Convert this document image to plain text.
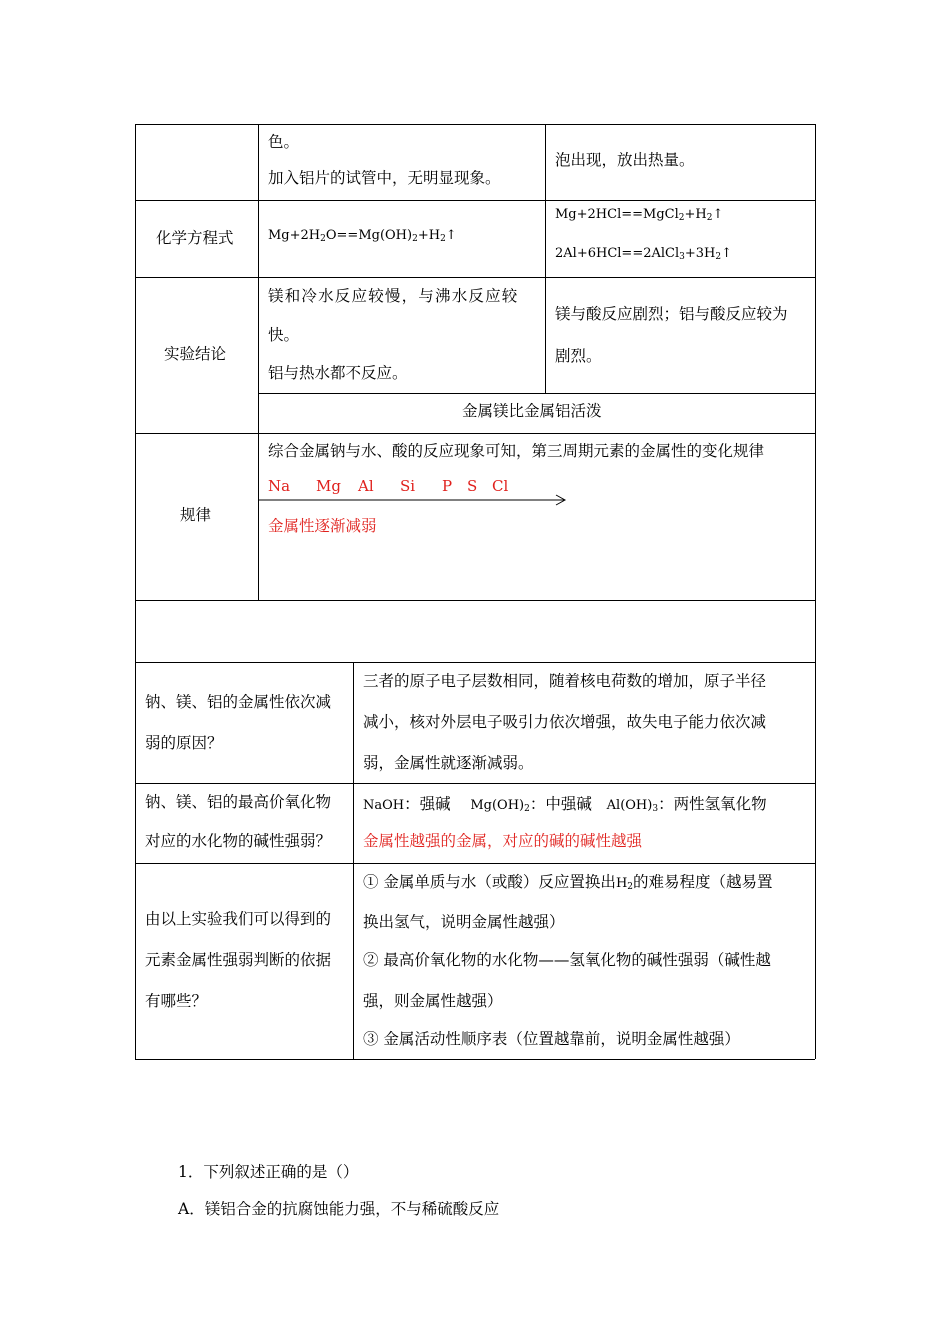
色。
加入铝片的试管中，无明显现象。
泡出现，放出热量。
化学方程式	$Mg+2H_2O==Mg(OH)_2+H_2↑$
$Mg+2HCl==MgCl_2+H_2↑$
$2Al+6HCl==2AlCl_3+3H_2↑$
实验结论
镁和冷水反应较慢，与沸水反应较
快。
铝与热水都不反应。
镁与酸反应剧烈；铝与酸反应较为
剧烈。
金属镁比金属铝活泼
规律
综合金属钠与水、酸的反应现象可知，第三周期元素的金属性的变化规律
Na Mg Al Si P S Cl
金属性逐渐减弱
钠、镁、铝的金属性依次减
弱的原因？
三者的原子电子层数相同，随着核电荷数的增加，原子半径
减小，核对外层电子吸引力依次增强，故失电子能力依次减
弱，金属性就逐渐减弱。
钠、镁、铝的最高价氧化物
对应的水化物的碱性强弱？
NaOH：强碱    $Mg(OH)_2$：中强碱   $Al(OH)_3$：两性氢氧化物
金属性越强的金属，对应的碱的碱性越强
由以上实验我们可以得到的
元素金属性强弱判断的依据
有哪些？
① 金属单质与水（或酸）反应置换出$H_2$的难易程度（越易置
换出氢气，说明金属性越强）
② 最高价氧化物的水化物——氢氧化物的碱性强弱（碱性越
强，则金属性越强）
③ 金属活动性顺序表（位置越靠前，说明金属性越强）
1．下列叙述正确的是（）
A．镁铝合金的抗腐蚀能力强，不与稀硫酸反应
